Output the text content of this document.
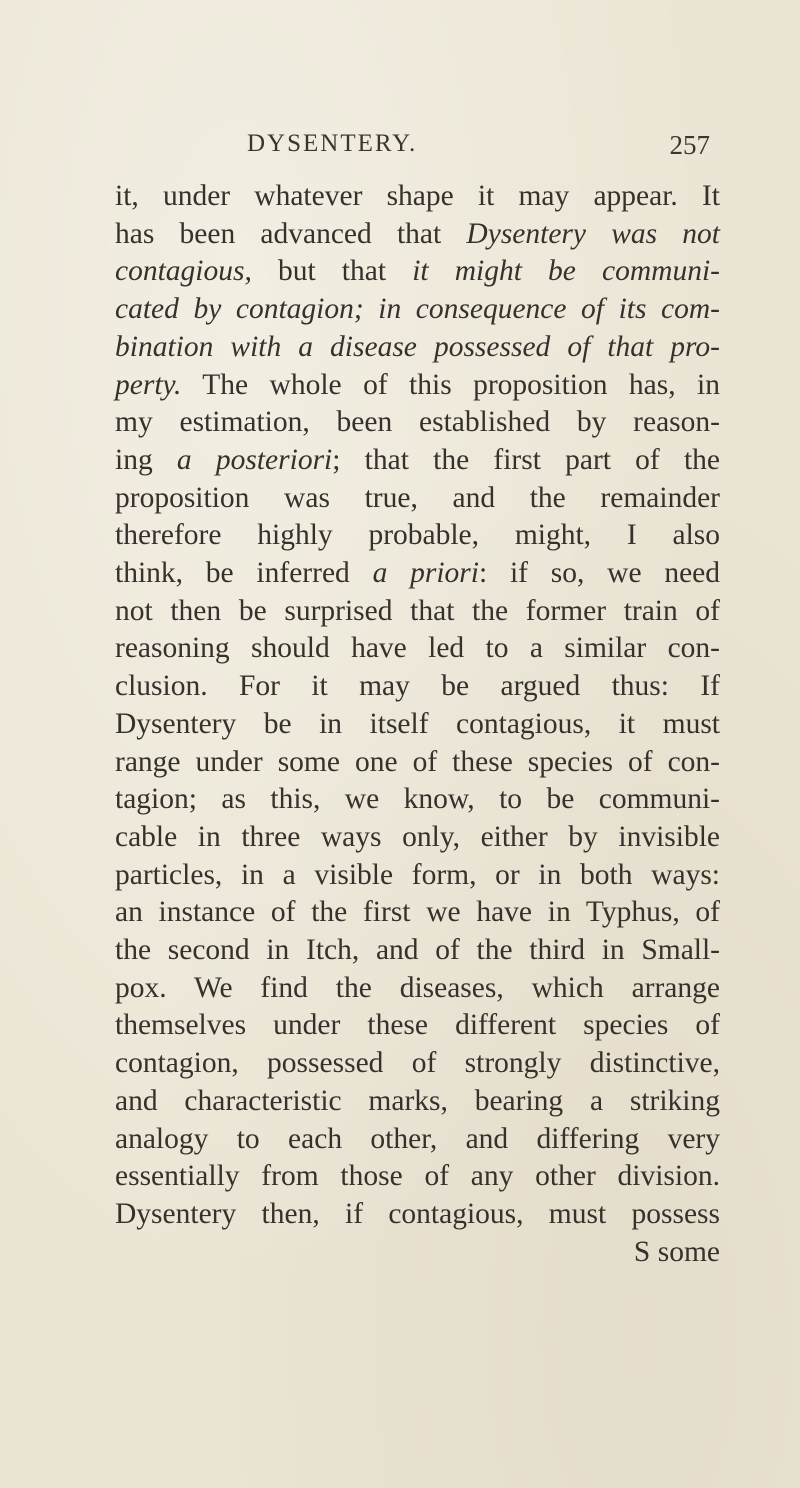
DYSENTERY.	257
it, under whatever shape it may appear. It
has been advanced that Dysentery was not
contagious, but that it might be communi-
cated by contagion; in consequence of its com-
bination with a disease possessed of that pro-
perty. The whole of this proposition has, in
my estimation, been established by reason-
ing a posteriori; that the first part of the
proposition was true, and the remainder
therefore highly probable, might, I also
think, be inferred a priori: if so, we need
not then be surprised that the former train of
reasoning should have led to a similar con-
clusion. For it may be argued thus: If
Dysentery be in itself contagious, it must
range under some one of these species of con-
tagion; as this, we know, to be communi-
cable in three ways only, either by invisible
particles, in a visible form, or in both ways:
an instance of the first we have in Typhus, of
the second in Itch, and of the third in Small-
pox. We find the diseases, which arrange
themselves under these different species of
contagion, possessed of strongly distinctive,
and characteristic marks, bearing a striking
analogy to each other, and differing very
essentially from those of any other division.
Dysentery then, if contagious, must possess
S some
